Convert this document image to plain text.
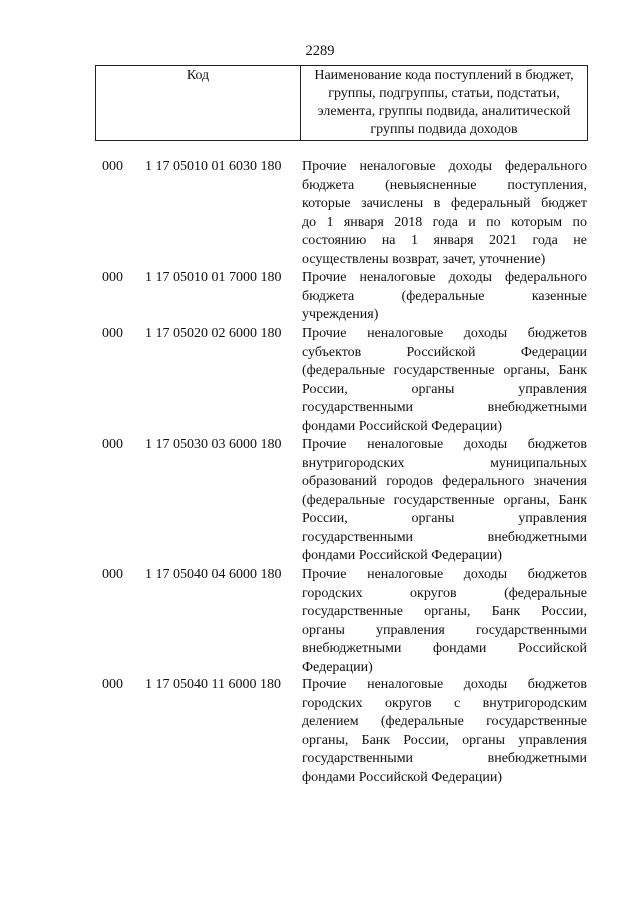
2289
Код	Наименование кода поступлений в бюджет,
группы, подгруппы, статьи, подстатьи,
элемента, группы подвида, аналитической
группы подвида доходов
000 1 17 05010 01 6030 180 Прочие неналоговые доходы федерального
бюджета (невыясненные поступления,
которые зачислены в федеральный бюджет
до 1 января 2018 года и по которым по
состоянию на 1 января 2021 года не
осуществлены возврат, зачет, уточнение)
000 1 17 05010 01 7000 180 Прочие неналоговые доходы федерального
бюджета (федеральные казенные
учреждения)
000 1 17 05020 02 6000 180 Прочие неналоговые доходы бюджетов
субъектов Российской Федерации
(федеральные государственные органы, Банк
России, органы управления
государственными внебюджетными
фондами Российской Федерации)
000 1 17 05030 03 6000 180 Прочие неналоговые доходы бюджетов
внутригородских муниципальных
образований городов федерального значения
(федеральные государственные органы, Банк
России, органы управления
государственными внебюджетными
фондами Российской Федерации)
000 1 17 05040 04 6000 180 Прочие неналоговые доходы бюджетов
городских округов (федеральные
государственные органы, Банк России,
органы управления государственными
внебюджетными фондами Российской
Федерации)
000 1 17 05040 11 6000 180 Прочие неналоговые доходы бюджетов
городских округов с внутригородским
делением (федеральные государственные
органы, Банк России, органы управления
государственными внебюджетными
фондами Российской Федерации)
